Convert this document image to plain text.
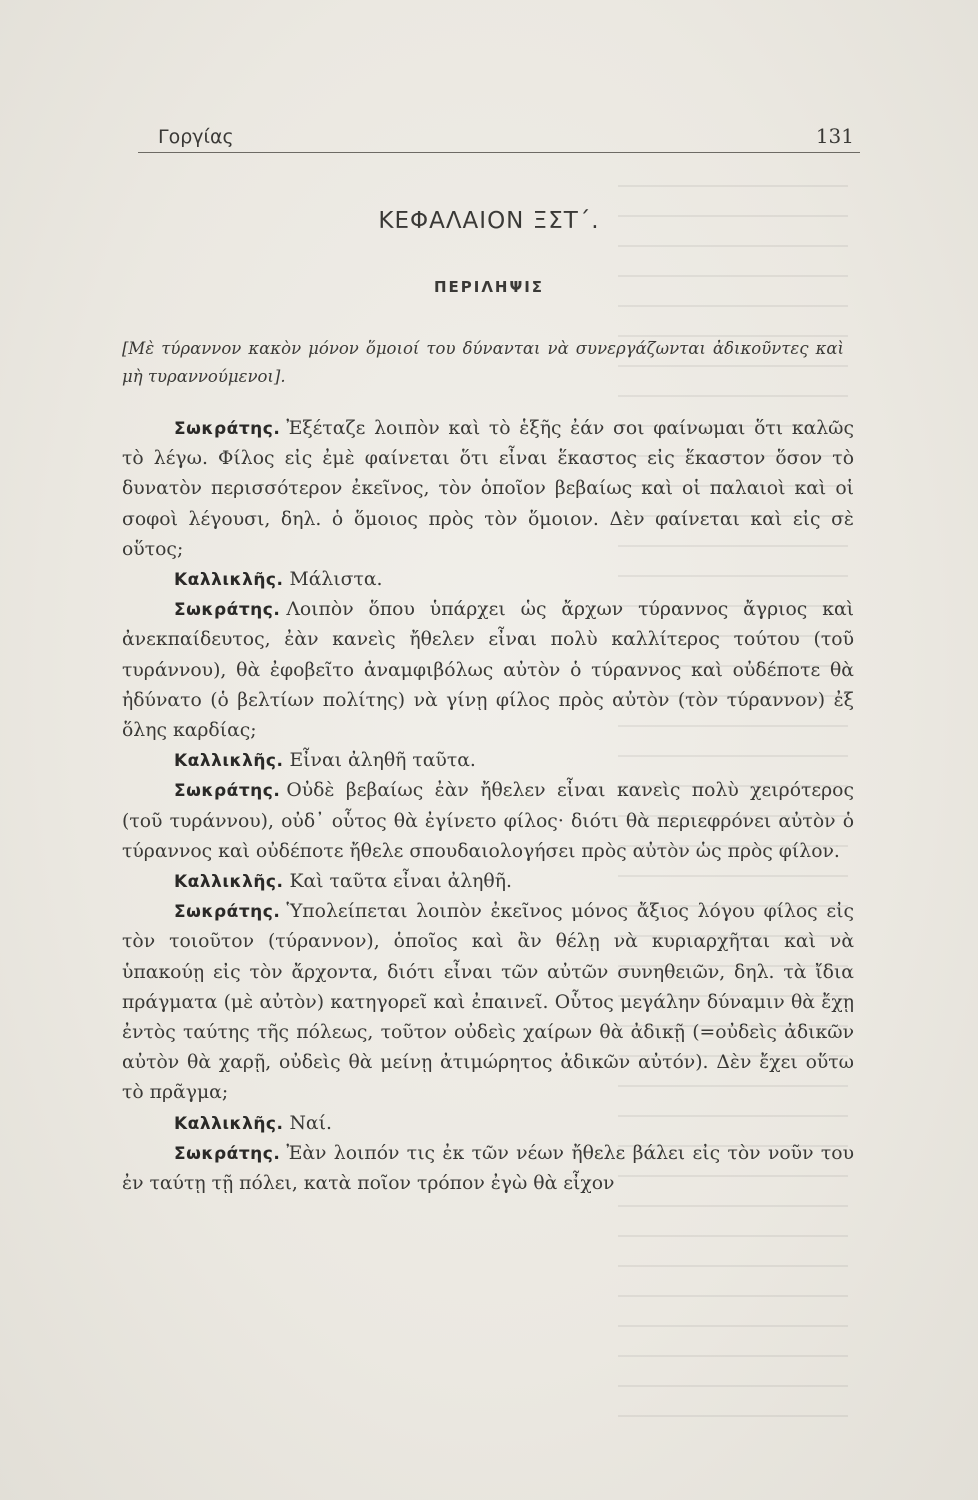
Γοργίας	131
ΚΕΦΑΛΑΙΟΝ ΞΣΤ΄.
ΠΕΡΙΛΗΨΙΣ
[Μὲ τύραννον κακὸν μόνον ὅμοιοί του δύνανται νὰ συνεργάζωνται ἀδικοῦντες καὶ μὴ τυραννούμενοι].

Σωκράτης. Ἐξέταζε λοιπὸν καὶ τὸ ἑξῆς ἐάν σοι φαίνωμαι ὅτι καλῶς τὸ λέγω. Φίλος εἰς ἐμὲ φαίνεται ὅτι εἶναι ἕκαστος εἰς ἕκαστον ὅσον τὸ δυνατὸν περισσότερον ἐκεῖνος, τὸν ὁποῖον βεβαίως καὶ οἱ παλαιοὶ καὶ οἱ σοφοὶ λέγουσι, δηλ. ὁ ὅμοιος πρὸς τὸν ὅμοιον. Δὲν φαίνεται καὶ εἰς σὲ οὕτος;

Καλλικλῆς. Μάλιστα.

Σωκράτης. Λοιπὸν ὅπου ὑπάρχει ὡς ἄρχων τύραννος ἄγριος καὶ ἀνεκπαίδευτος, ἐὰν κανεὶς ἤθελεν εἶναι πολὺ καλλίτερος τούτου (τοῦ τυράννου), θὰ ἐφοβεῖτο ἀναμφιβόλως αὐτὸν ὁ τύραννος καὶ οὐδέποτε θὰ ἠδύνατο (ὁ βελτίων πολίτης) νὰ γίνῃ φίλος πρὸς αὐτὸν (τὸν τύραννον) ἐξ ὅλης καρδίας;

Καλλικλῆς. Εἶναι ἀληθῆ ταῦτα.

Σωκράτης. Οὐδὲ βεβαίως ἐὰν ἤθελεν εἶναι κανεὶς πολὺ χειρότερος (τοῦ τυράννου), οὐδ᾽ οὗτος θὰ ἐγίνετο φίλος· διότι θὰ περιεφρόνει αὐτὸν ὁ τύραννος καὶ οὐδέποτε ἤθελε σπουδαιολογήσει πρὸς αὐτὸν ὡς πρὸς φίλον.

Καλλικλῆς. Καὶ ταῦτα εἶναι ἀληθῆ.

Σωκράτης. Ὑπολείπεται λοιπὸν ἐκεῖνος μόνος ἄξιος λόγου φίλος εἰς τὸν τοιοῦτον (τύραννον), ὁποῖος καὶ ἂν θέλῃ νὰ κυριαρχῆται καὶ νὰ ὑπακούῃ εἰς τὸν ἄρχοντα, διότι εἶναι τῶν αὐτῶν συνηθειῶν, δηλ. τὰ ἴδια πράγματα (μὲ αὐτὸν) κατηγορεῖ καὶ ἐπαινεῖ. Οὗτος μεγάλην δύναμιν θὰ ἔχῃ ἐντὸς ταύτης τῆς πόλεως, τοῦτον οὐδεὶς χαίρων θὰ ἀδικῇ (=οὐδεὶς ἀδικῶν αὐτὸν θὰ χαρῇ, οὐδεὶς θὰ μείνῃ ἀτιμώρητος ἀδικῶν αὐτόν). Δὲν ἔχει οὕτω τὸ πρᾶγμα;

Καλλικλῆς. Ναί.

Σωκράτης. Ἐὰν λοιπόν τις ἐκ τῶν νέων ἤθελε βάλει εἰς τὸν νοῦν του ἐν ταύτῃ τῇ πόλει, κατὰ ποῖον τρόπον ἐγὼ θὰ εἶχον
